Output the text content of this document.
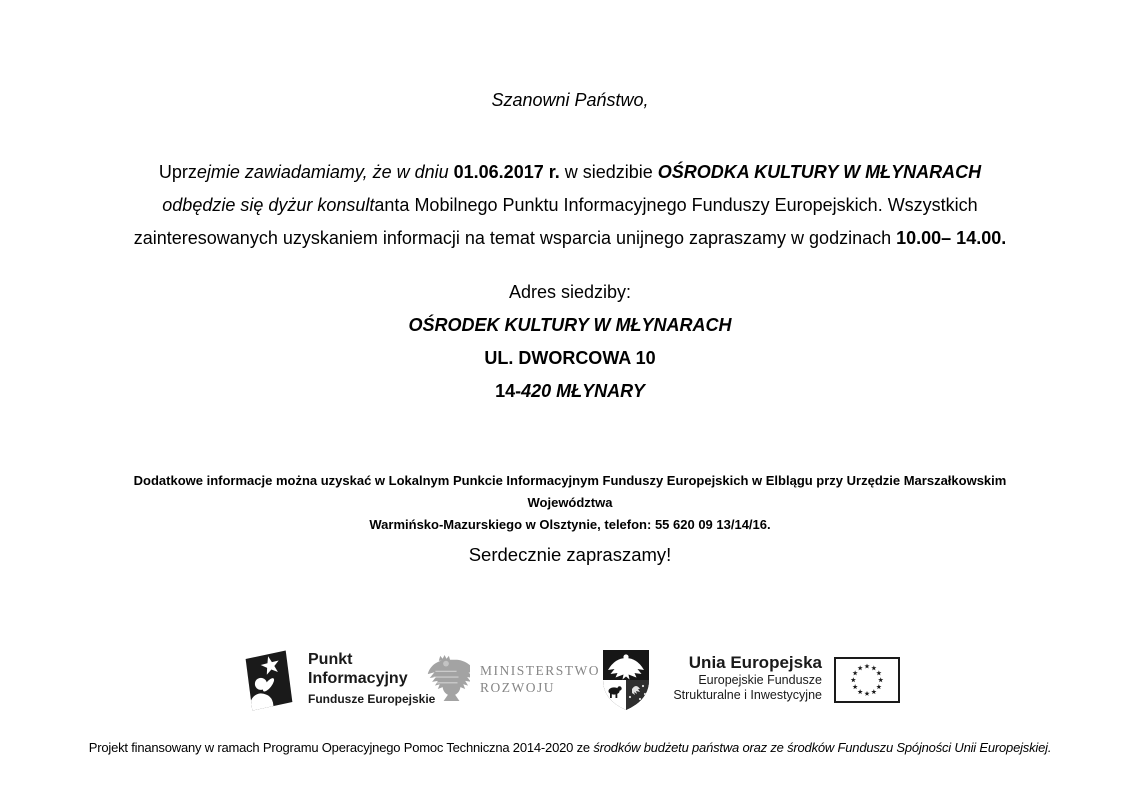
Szanowni Państwo,
Uprzejmie zawiadamiamy, że w dniu 01.06.2017 r. w siedzibie OŚRODKA KULTURY W MŁYNARACH
odbędzie się dyżur konsultanta Mobilnego Punktu Informacyjnego Funduszy Europejskich. Wszystkich
zainteresowanych uzyskaniem informacji na temat wsparcia unijnego zapraszamy w godzinach 10.00– 14.00.
Adres siedziby:
OŚRODEK KULTURY W MŁYNARACH
UL. DWORCOWA 10
14-420 MŁYNARY
Dodatkowe informacje można uzyskać w Lokalnym Punkcie Informacyjnym Funduszy Europejskich w Elblągu przy Urzędzie Marszałkowskim Województwa
Warmińsko-Mazurskiego w Olsztynie, telefon: 55 620 09 13/14/16.
Serdecznie zapraszamy!
Punkt
Informacyjny
Fundusze Europejskie
MINISTERSTWO
ROZWOJU
Unia Europejska
Europejskie Fundusze
Strukturalne i Inwestycyjne
Projekt finansowany w ramach Programu Operacyjnego Pomoc Techniczna 2014-2020 ze środków budżetu państwa oraz ze środków Funduszu Spójności Unii Europejskiej.
